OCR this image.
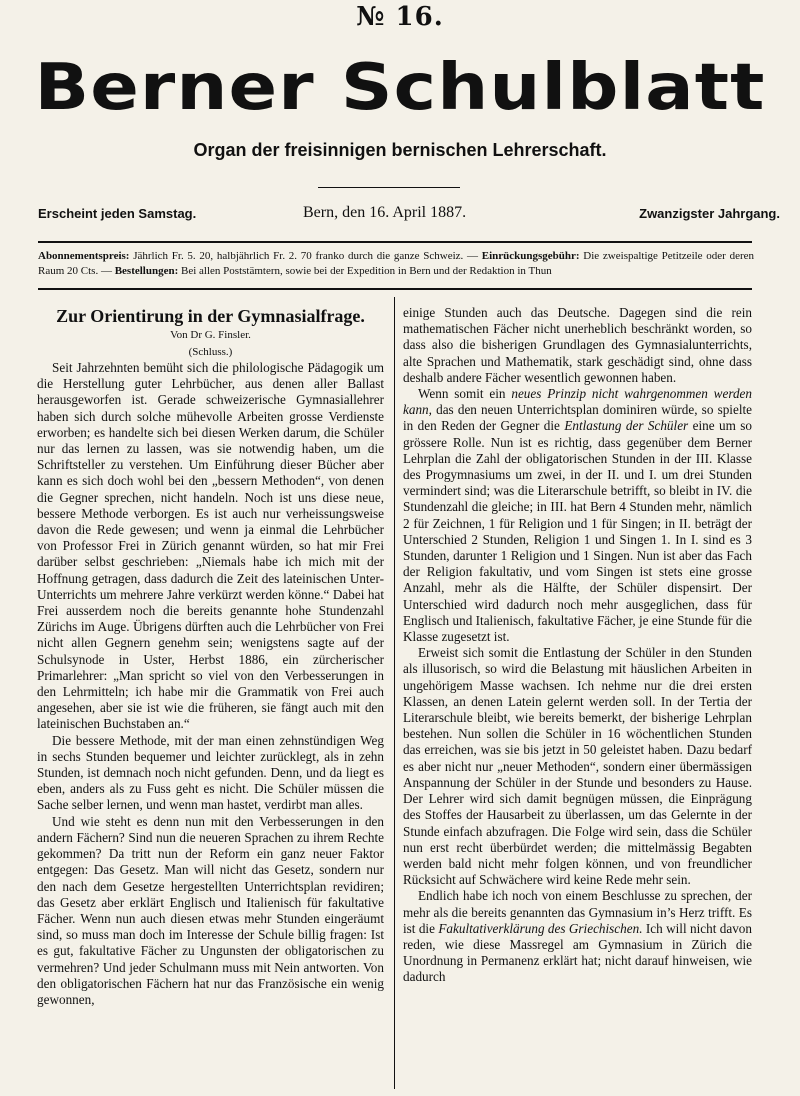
№ 16.
Berner Schulblatt
Organ der freisinnigen bernischen Lehrerschaft.
Erscheint jeden Samstag.	Bern, den 16. April 1887.	Zwanzigster Jahrgang.
Abonnementspreis: Jährlich Fr. 5. 20, halbjährlich Fr. 2. 70 franko durch die ganze Schweiz. — Einrückungsgebühr: Die zweispaltige Petitzeile oder deren Raum 20 Cts. — Bestellungen: Bei allen Poststämtern, sowie bei der Expedition in Bern und der Redaktion in Thun
Zur Orientirung in der Gymnasialfrage.
Von Dr G. Finsler.
(Schluss.)

Seit Jahrzehnten bemüht sich die philologische Pädagogik um die Herstellung guter Lehrbücher, aus denen aller Ballast herausgeworfen ist. Gerade schweizerische Gymnasiallehrer haben sich durch solche mühevolle Arbeiten grosse Verdienste erworben; es handelte sich bei diesen Werken darum, die Schüler nur das lernen zu lassen, was sie notwendig haben, um die Schriftsteller zu verstehen. Um Einführung dieser Bücher aber kann es sich doch wohl bei den „bessern Methoden“, von denen die Gegner sprechen, nicht handeln. Noch ist uns diese neue, bessere Methode verborgen. Es ist auch nur verheissungsweise davon die Rede gewesen; und wenn ja einmal die Lehrbücher von Professor Frei in Zürich genannt würden, so hat mir Frei darüber selbst geschrieben: „Niemals habe ich mich mit der Hoffnung getragen, dass dadurch die Zeit des lateinischen Unter-Unterrichts um mehrere Jahre verkürzt werden könne.“ Dabei hat Frei ausserdem noch die bereits genannte hohe Stundenzahl Zürichs im Auge. Übrigens dürften auch die Lehrbücher von Frei nicht allen Gegnern genehm sein; wenigstens sagte auf der Schulsynode in Uster, Herbst 1886, ein zürcherischer Primarlehrer: „Man spricht so viel von den Verbesserungen in den Lehrmitteln; ich habe mir die Grammatik von Frei auch angesehen, aber sie ist wie die früheren, sie fängt auch mit den lateinischen Buchstaben an.“

Die bessere Methode, mit der man einen zehnstündigen Weg in sechs Stunden bequemer und leichter zurücklegt, als in zehn Stunden, ist demnach noch nicht gefunden. Denn, und da liegt es eben, anders als zu Fuss geht es nicht. Die Schüler müssen die Sache selber lernen, und wenn man hastet, verdirbt man alles.

Und wie steht es denn nun mit den Verbesserungen in den andern Fächern? Sind nun die neueren Sprachen zu ihrem Rechte gekommen? Da tritt nun der Reform ein ganz neuer Faktor entgegen: Das Gesetz. Man will nicht das Gesetz, sondern nur den nach dem Gesetze hergestellten Unterrichtsplan revidiren; das Gesetz aber erklärt Englisch und Italienisch für fakultative Fächer. Wenn nun auch diesen etwas mehr Stunden eingeräumt sind, so muss man doch im Interesse der Schule billig fragen: Ist es gut, fakultative Fächer zu Ungunsten der obligatorischen zu vermehren? Und jeder Schulmann muss mit Nein antworten. Von den obligatorischen Fächern hat nur das Französische ein wenig gewonnen,

einige Stunden auch das Deutsche. Dagegen sind die rein mathematischen Fächer nicht unerheblich beschränkt worden, so dass also die bisherigen Grundlagen des Gymnasialunterrichts, alte Sprachen und Mathematik, stark geschädigt sind, ohne dass deshalb andere Fächer wesentlich gewonnen haben.

Wenn somit ein neues Prinzip nicht wahrgenommen werden kann, das den neuen Unterrichtsplan dominiren würde, so spielte in den Reden der Gegner die Entlastung der Schüler eine um so grössere Rolle. Nun ist es richtig, dass gegenüber dem Berner Lehrplan die Zahl der obligatorischen Stunden in der III. Klasse des Progymnasiums um zwei, in der II. und I. um drei Stunden vermindert sind; was die Literarschule betrifft, so bleibt in IV. die Stundenzahl die gleiche; in III. hat Bern 4 Stunden mehr, nämlich 2 für Zeichnen, 1 für Religion und 1 für Singen; in II. beträgt der Unterschied 2 Stunden, Religion 1 und Singen 1. In I. sind es 3 Stunden, darunter 1 Religion und 1 Singen. Nun ist aber das Fach der Religion fakultativ, und vom Singen ist stets eine grosse Anzahl, mehr als die Hälfte, der Schüler dispensirt. Der Unterschied wird dadurch noch mehr ausgeglichen, dass für Englisch und Italienisch, fakultative Fächer, je eine Stunde für die Klasse zugesetzt ist.

Erweist sich somit die Entlastung der Schüler in den Stunden als illusorisch, so wird die Belastung mit häuslichen Arbeiten in ungehörigem Masse wachsen. Ich nehme nur die drei ersten Klassen, an denen Latein gelernt werden soll. In der Tertia der Literarschule bleibt, wie bereits bemerkt, der bisherige Lehrplan bestehen. Nun sollen die Schüler in 16 wöchentlichen Stunden das erreichen, was sie bis jetzt in 50 geleistet haben. Dazu bedarf es aber nicht nur „neuer Methoden“, sondern einer übermässigen Anspannung der Schüler in der Stunde und besonders zu Hause. Der Lehrer wird sich damit begnügen müssen, die Einprägung des Stoffes der Hausarbeit zu überlassen, um das Gelernte in der Stunde einfach abzufragen. Die Folge wird sein, dass die Schüler nun erst recht überbürdet werden; die mittelmässig Begabten werden bald nicht mehr folgen können, und von freundlicher Rücksicht auf Schwächere wird keine Rede mehr sein.

Endlich habe ich noch von einem Beschlusse zu sprechen, der mehr als die bereits genannten das Gymnasium in’s Herz trifft. Es ist die Fakultativerklärung des Griechischen. Ich will nicht davon reden, wie diese Massregel am Gymnasium in Zürich die Unordnung in Permanenz erklärt hat; nicht darauf hinweisen, wie dadurch
